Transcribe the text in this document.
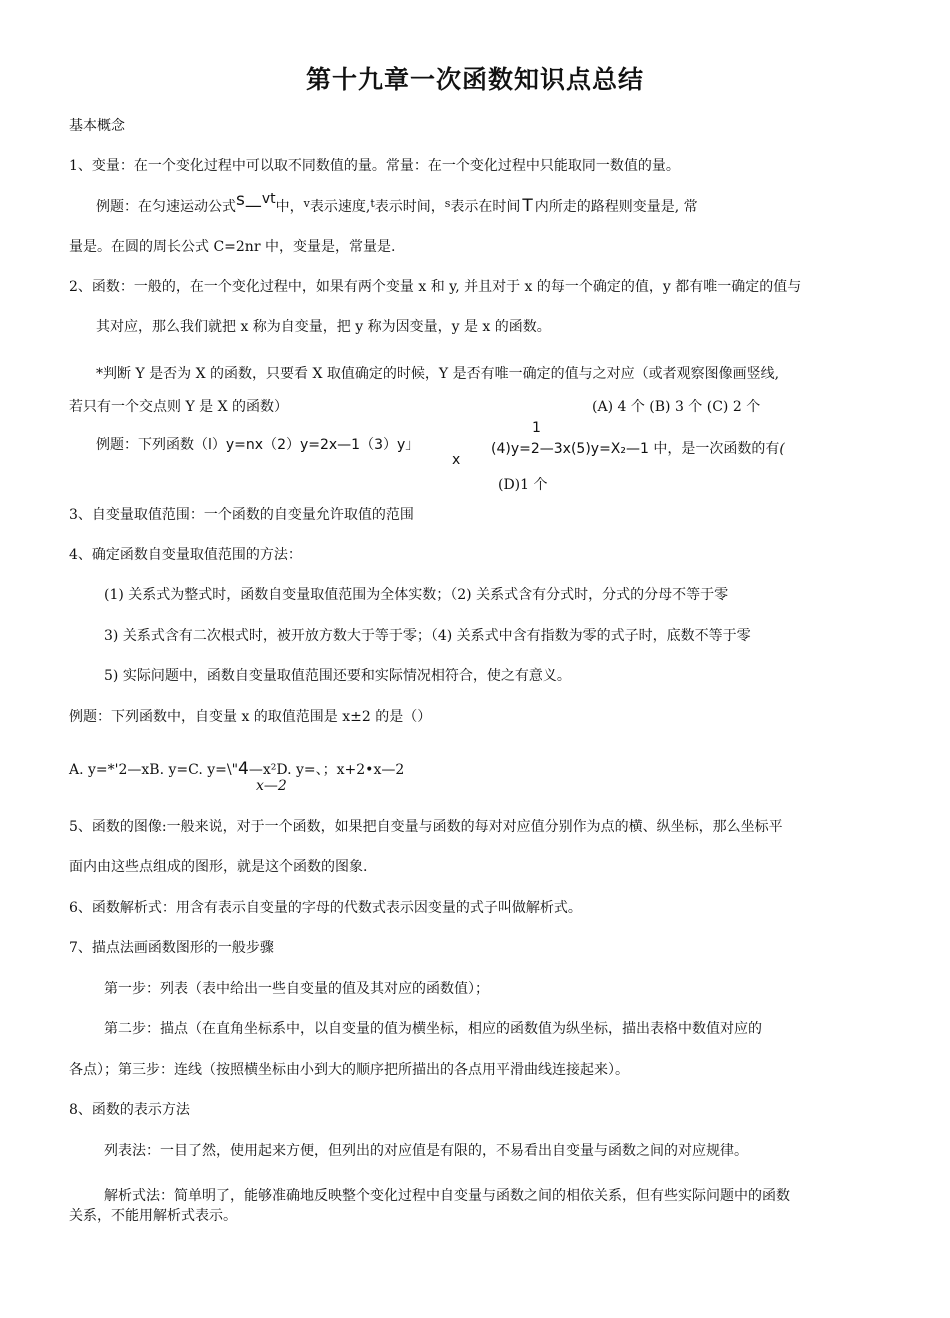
第十九章一次函数知识点总结
基本概念
1、变量：在一个变化过程中可以取不同数值的量。常量：在一个变化过程中只能取同一数值的量。
例题：在匀速运动公式s—vt中，$^v$表示速度,$^t$表示时间，$^s$表示在时间 T 内所走的路程则变量是, 常
量是。在圆的周长公式 C=2nr 中，变量是，常量是.
2、函数：一般的，在一个变化过程中，如果有两个变量 x 和 y, 并且对于 x 的每一个确定的值，y 都有唯一确定的值与
其对应，那么我们就把 x 称为自变量，把 y 称为因变量，y 是 x 的函数。
*判断 Y 是否为 X 的函数，只要看 X 取值确定的时候，Y 是否有唯一确定的值与之对应（或者观察图像画竖线,
若只有一个交点则 Y 是 X 的函数）	(A) 4 个 (B) 3 个 (C) 2 个
1
例题：下列函数（l）y=nx（2）y=2x—1（3）y」
x
(4)y=2—3x(5)y=X₂—1 中，是一次函数的有(
(D)1 个
3、自变量取值范围：一个函数的自变量允许取值的范围
4、确定函数自变量取值范围的方法：
(1) 关系式为整式时，函数自变量取值范围为全体实数；（2) 关系式含有分式时，分式的分母不等于零
3) 关系式含有二次根式时，被开放方数大于等于零；（4) 关系式中含有指数为零的式子时，底数不等于零
5) 实际问题中，函数自变量取值范围还要和实际情况相符合，使之有意义。
例题：下列函数中，自变量 x 的取值范围是 x±2 的是（）
A. y=*'2—xB. y=C. y=\"4—x²D. y=、；x+2•x—2
x—2
5、函数的图像:一般来说，对于一个函数，如果把自变量与函数的每对对应值分别作为点的横、纵坐标，那么坐标平
面内由这些点组成的图形，就是这个函数的图象.
6、函数解析式：用含有表示自变量的字母的代数式表示因变量的式子叫做解析式。
7、描点法画函数图形的一般步骤
第一步：列表（表中给出一些自变量的值及其对应的函数值）；
第二步：描点（在直角坐标系中，以自变量的值为横坐标，相应的函数值为纵坐标，描出表格中数值对应的
各点）；第三步：连线（按照横坐标由小到大的顺序把所描出的各点用平滑曲线连接起来）。
8、函数的表示方法
列表法：一目了然，使用起来方便，但列出的对应值是有限的，不易看出自变量与函数之间的对应规律。
解析式法：简单明了，能够准确地反映整个变化过程中自变量与函数之间的相依关系，但有些实际问题中的函数
关系，不能用解析式表示。
